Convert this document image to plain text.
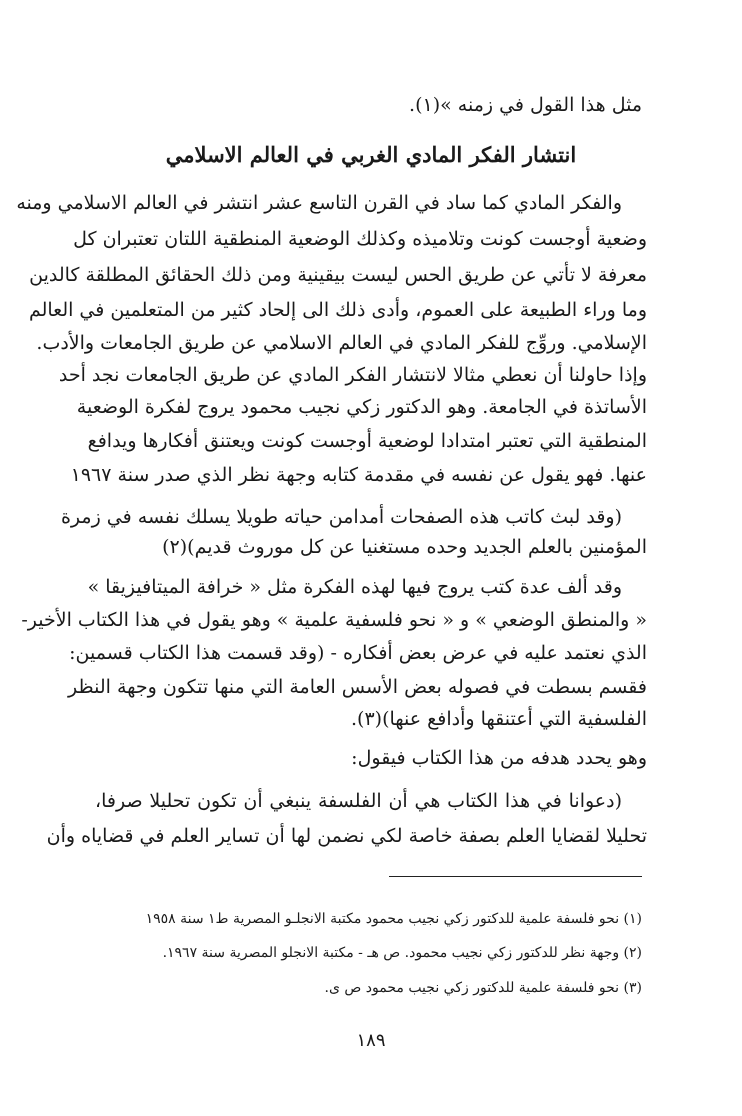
مثل هذا القول في زمنه »(١).
انتشار الفكر المادي الغربي في العالم الاسلامي
والفكر المادي كما ساد في القرن التاسع عشر انتشر في العالم الاسلامي ومنه
وضعية أوجست كونت وتلاميذه وكذلك الوضعية المنطقية اللتان تعتبران كل
معرفة لا تأتي عن طريق الحس ليست بيقينية ومن ذلك الحقائق المطلقة كالدين
وما وراء الطبيعة على العموم، وأدى ذلك الى إلحاد كثير من المتعلمين في العالم
الإسلامي. وروِّج للفكر المادي في العالم الاسلامي عن طريق الجامعات والأدب.
وإذا حاولنا أن نعطي مثالا لانتشار الفكر المادي عن طريق الجامعات نجد أحد
الأساتذة في الجامعة. وهو الدكتور زكي نجيب محمود يروج لفكرة الوضعية
المنطقية التي تعتبر امتدادا لوضعية أوجست كونت ويعتنق أفكارها ويدافع
عنها. فهو يقول عن نفسه في مقدمة كتابه وجهة نظر الذي صدر سنة ١٩٦٧
(وقد لبث كاتب هذه الصفحات أمدامن حياته طويلا يسلك نفسه في زمرة
المؤمنين بالعلم الجديد وحده مستغنيا عن كل موروث قديم)(٢)
وقد ألف عدة كتب يروج فيها لهذه الفكرة مثل « خرافة الميتافيزيقا »
« والمنطق الوضعي » و « نحو فلسفية علمية » وهو يقول في هذا الكتاب الأخير-
الذي نعتمد عليه في عرض بعض أفكاره - (وقد قسمت هذا الكتاب قسمين:
فقسم بسطت في فصوله بعض الأسس العامة التي منها تتكون وجهة النظر
الفلسفية التي أعتنقها وأدافع عنها)(٣).
وهو يحدد هدفه من هذا الكتاب فيقول:
(دعوانا في هذا الكتاب هي أن الفلسفة ينبغي أن تكون تحليلا صرفا،
تحليلا لقضايا العلم بصفة خاصة لكي نضمن لها أن تساير العلم في قضاياه وأن
(١) نحو فلسفة علمية للدكتور زكي نجيب محمود مكتبة الانجلـو المصرية ط١ سنة ١٩٥٨
(٢) وجهة نظر للدكتور زكي نجيب محمود. ص هـ - مكتبة الانجلو المصرية سنة ١٩٦٧.
(٣) نحو فلسفة علمية للدكتور زكي نجيب محمود ص ى.
١٨٩
